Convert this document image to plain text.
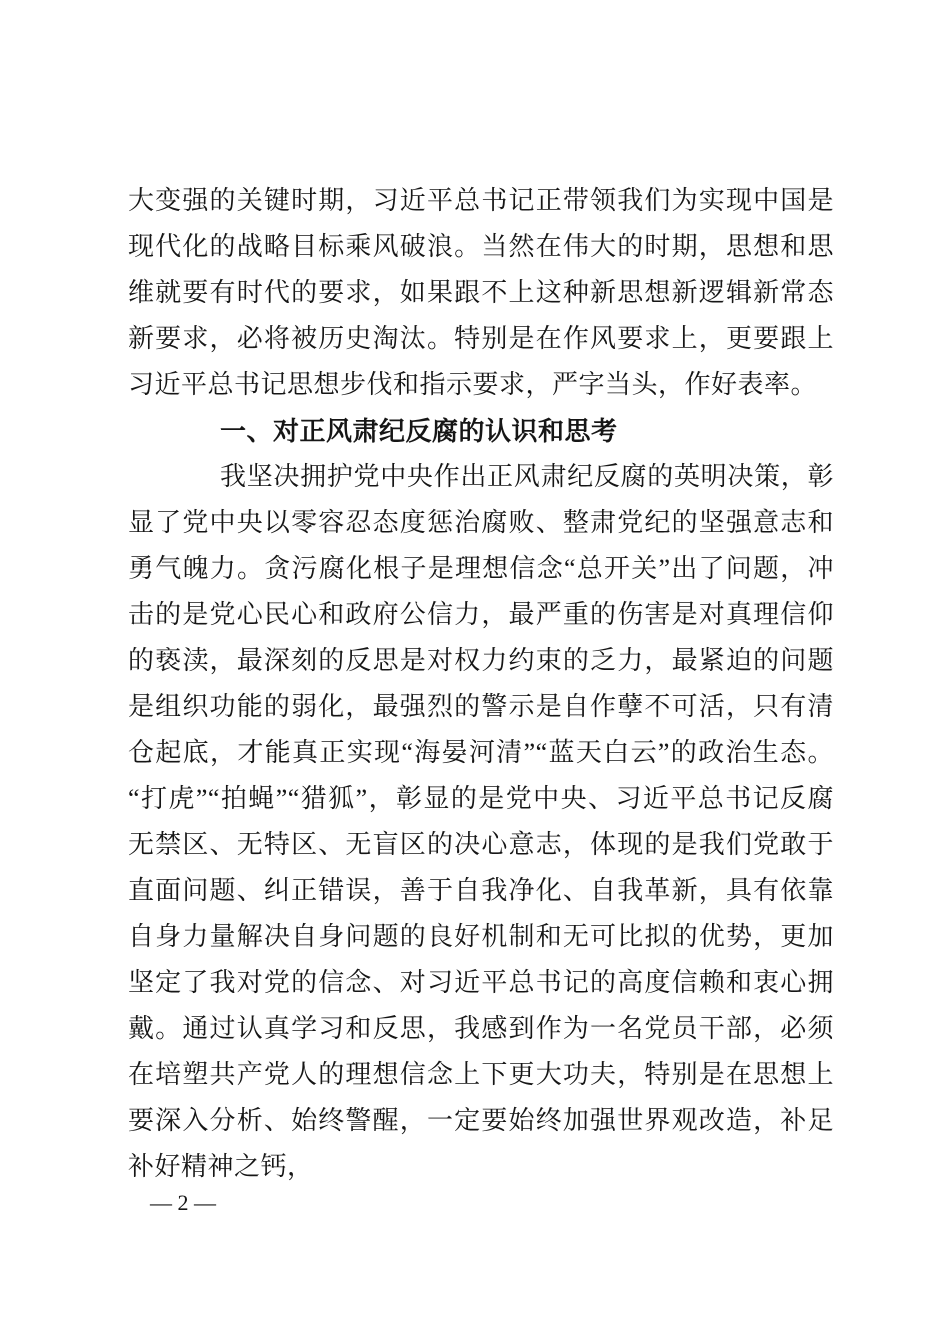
大变强的关键时期，习近平总书记正带领我们为实现中国是现代化的战略目标乘风破浪。当然在伟大的时期，思想和思维就要有时代的要求，如果跟不上这种新思想新逻辑新常态新要求，必将被历史淘汰。特别是在作风要求上，更要跟上习近平总书记思想步伐和指示要求，严字当头，作好表率。

一、对正风肃纪反腐的认识和思考

我坚决拥护党中央作出正风肃纪反腐的英明决策，彰显了党中央以零容忍态度惩治腐败、整肃党纪的坚强意志和勇气魄力。贪污腐化根子是理想信念“总开关”出了问题，冲击的是党心民心和政府公信力，最严重的伤害是对真理信仰的亵渎，最深刻的反思是对权力约束的乏力，最紧迫的问题是组织功能的弱化，最强烈的警示是自作孽不可活，只有清仓起底，才能真正实现“海晏河清”“蓝天白云”的政治生态。“打虎”“拍蝇”“猎狐”，彰显的是党中央、习近平总书记反腐无禁区、无特区、无盲区的决心意志，体现的是我们党敢于直面问题、纠正错误，善于自我净化、自我革新，具有依靠自身力量解决自身问题的良好机制和无可比拟的优势，更加坚定了我对党的信念、对习近平总书记的高度信赖和衷心拥戴。通过认真学习和反思，我感到作为一名党员干部，必须在培塑共产党人的理想信念上下更大功夫，特别是在思想上要深入分析、始终警醒，一定要始终加强世界观改造，补足补好精神之钙，

— 2 —
